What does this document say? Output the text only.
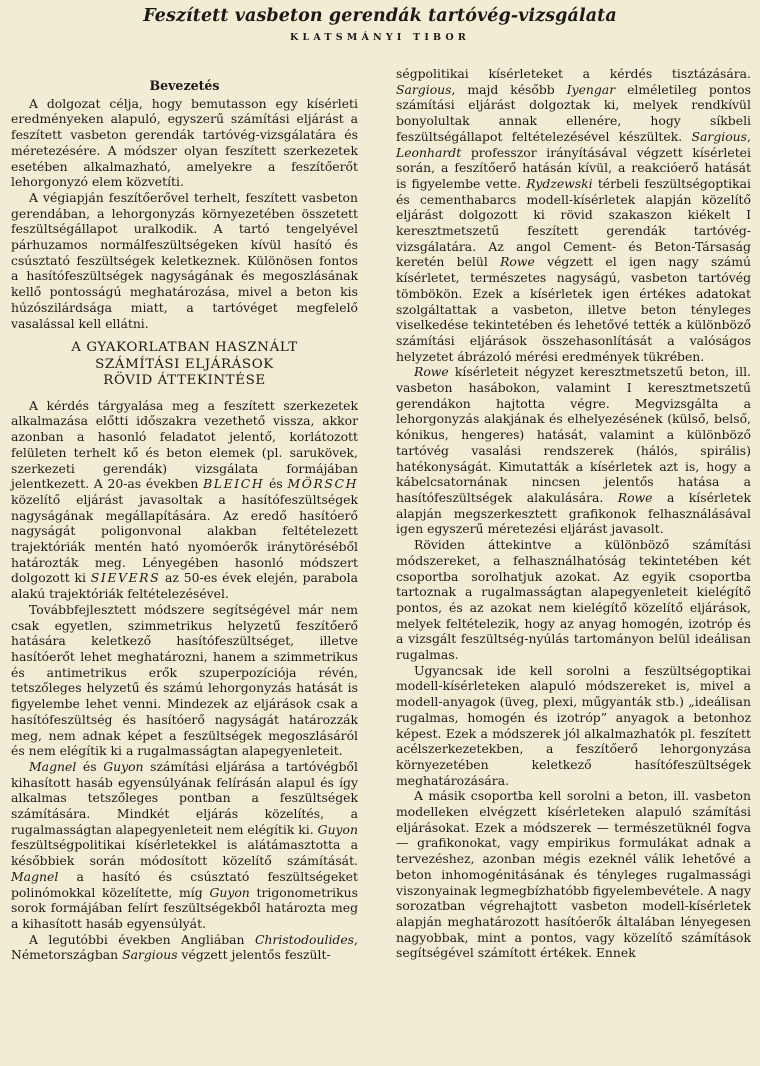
Feszített vasbeton gerendák tartóvég-vizsgálata
KLATSMÁNYI TIBOR
Bevezetés

A dolgozat célja, hogy bemutasson egy kísérleti eredményeken alapuló, egyszerű számítási eljárást a feszített vasbeton gerendák tartóvég-vizsgálatára és méretezésére. A módszer olyan feszített szerkezetek esetében alkalmazható, amelyekre a feszítőerőt lehorgonyzó elem közvetíti.

A végiapján feszítőerővel terhelt, feszített vasbeton gerendában, a lehorgonyzás környezetében összetett feszültségállapot uralkodik. A tartó tengelyével párhuzamos normálfeszültségeken kívül hasító és csúsztató feszültségek keletkeznek. Különösen fontos a hasítófeszültségek nagyságának és megoszlásának kellő pontosságú meghatározása, mivel a beton kis húzószilárdsága miatt, a tartóvéget megfelelő vasalással kell ellátni.

A GYAKORLATBAN HASZNÁLT
SZÁMÍTÁSI ELJÁRÁSOK
RÖVID ÁTTEKINTÉSE

A kérdés tárgyalása meg a feszített szerkezetek alkalmazása előtti időszakra vezethető vissza, akkor azonban a hasonló feladatot jelentő, korlátozott felületen terhelt kő és beton elemek (pl. sarukövek, szerkezeti gerendák) vizsgálata formájában jelentkezett. A 20-as években BLEICH és MÖRSCH közelítő eljárást javasoltak a hasítófeszültségek nagyságának megállapítására. Az eredő hasítóerő nagyságát poligonvonal alakban feltételezett trajektóriák mentén ható nyomóerők iránytöréséből határozták meg. Lényegében hasonló módszert dolgozott ki SIEVERS az 50-es évek elején, parabola alakú trajektóriák feltételezésével.

Továbbfejlesztett módszere segítségével már nem csak egyetlen, szimmetrikus helyzetű feszítőerő hatására keletkező hasítófeszültséget, illetve hasítóerőt lehet meghatározni, hanem a szimmetrikus és antimetrikus erők szuperpozíciója révén, tetszőleges helyzetű és számú lehorgonyzás hatását is figyelembe lehet venni. Mindezek az eljárások csak a hasítófeszültség és hasítóerő nagyságát határozzák meg, nem adnak képet a feszültségek megoszlásáról és nem elégítik ki a rugalmasságtan alapegyenleteit.

Magnel és Guyon számítási eljárása a tartóvégből kihasított hasáb egyensúlyának felírásán alapul és így alkalmas tetszőleges pontban a feszültségek számítására. Mindkét eljárás közelítés, a rugalmasságtan alapegyenleteit nem elégítik ki. Guyon feszültségpolitikai kísérletekkel is alátámasztotta a későbbiek során módosított közelítő számítását. Magnel a hasító és csúsztató feszültségeket polinómokkal közelítette, míg Guyon trigonometrikus sorok formájában felírt feszültségekből határozta meg a kihasított hasáb egyensúlyát.

A legutóbbi években Angliában Christodoulides, Németországban Sargious végzett jelentős feszült-

ségpolitikai kísérleteket a kérdés tisztázására. Sargious, majd később Iyengar elméletileg pontos számítási eljárást dolgoztak ki, melyek rendkívül bonyolultak annak ellenére, hogy síkbeli feszültségállapot feltételezésével készültek. Sargious, Leonhardt professzor irányításával végzett kísérletei során, a feszítőerő hatásán kívül, a reakcióerő hatását is figyelembe vette. Rydzewski térbeli feszültségoptikai és cementhabarcs modell-kísérletek alapján közelítő eljárást dolgozott ki rövid szakaszon kiékelt I keresztmetszetű feszített gerendák tartóvég-vizsgálatára. Az angol Cement- és Beton-Társaság keretén belül Rowe végzett el igen nagy számú kísérletet, természetes nagyságú, vasbeton tartóvég tömbökön. Ezek a kísérletek igen értékes adatokat szolgáltattak a vasbeton, illetve beton tényleges viselkedése tekintetében és lehetővé tették a különböző számítási eljárások összehasonlítását a valóságos helyzetet ábrázoló mérési eredmények tükrében.

Rowe kísérleteit négyzet keresztmetszetű beton, ill. vasbeton hasábokon, valamint I keresztmetszetű gerendákon hajtotta végre. Megvizsgálta a lehorgonyzás alakjának és elhelyezésének (külső, belső, kónikus, hengeres) hatását, valamint a különböző tartóvég vasalási rendszerek (hálós, spirális) hatékonyságát. Kimutatták a kísérletek azt is, hogy a kábelcsatornának nincsen jelentős hatása a hasítófeszültségek alakulására. Rowe a kísérletek alapján megszerkesztett grafikonok felhasználásával igen egyszerű méretezési eljárást javasolt.

Röviden áttekintve a különböző számítási módszereket, a felhasználhatóság tekintetében két csoportba sorolhatjuk azokat. Az egyik csoportba tartoznak a rugalmasságtan alapegyenleteit kielégítő pontos, és az azokat nem kielégítő közelítő eljárások, melyek feltételezik, hogy az anyag homogén, izotróp és a vizsgált feszültség-nyúlás tartományon belül ideálisan rugalmas.

Ugyancsak ide kell sorolni a feszültségoptikai modell-kísérleteken alapuló módszereket is, mivel a modell-anyagok (üveg, plexi, műgyanták stb.) „ideálisan rugalmas, homogén és izotróp” anyagok a betonhoz képest. Ezek a módszerek jól alkalmazhatók pl. feszített acélszerkezetekben, a feszítőerő lehorgonyzása környezetében keletkező hasítófeszültségek meghatározására.

A másik csoportba kell sorolni a beton, ill. vasbeton modelleken elvégzett kísérleteken alapuló számítási eljárásokat. Ezek a módszerek — természetüknél fogva — grafikonokat, vagy empirikus formulákat adnak a tervezéshez, azonban mégis ezeknél válik lehetővé a beton inhomogénitásának és tényleges rugalmassági viszonyainak legmegbízhatóbb figyelembevétele. A nagy sorozatban végrehajtott vasbeton modell-kísérletek alapján meghatározott hasítóerők általában lényegesen nagyobbak, mint a pontos, vagy közelítő számítások segítségével számított értékek. Ennek
